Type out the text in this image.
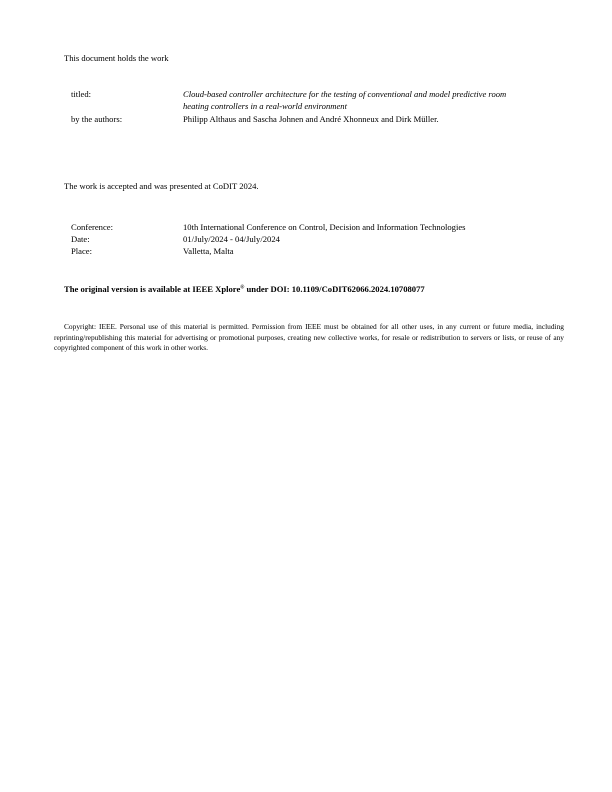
This document holds the work
titled:	Cloud-based controller architecture for the testing of conventional and model predictive room
heating controllers in a real-world environment
by the authors:	Philipp Althaus and Sascha Johnen and André Xhonneux and Dirk Müller.
The work is accepted and was presented at CoDIT 2024.
Conference:	10th International Conference on Control, Decision and Information Technologies
Date:	01/July/2024 - 04/July/2024
Place:	Valletta, Malta
The original version is available at IEEE Xplore® under DOI: 10.1109/CoDIT62066.2024.10708077
Copyright: IEEE. Personal use of this material is permitted. Permission from IEEE must be obtained for all other uses, in any current or future media, including reprinting/republishing this material for advertising or promotional purposes, creating new collective works, for resale or redistribution to servers or lists, or reuse of any copyrighted component of this work in other works.
